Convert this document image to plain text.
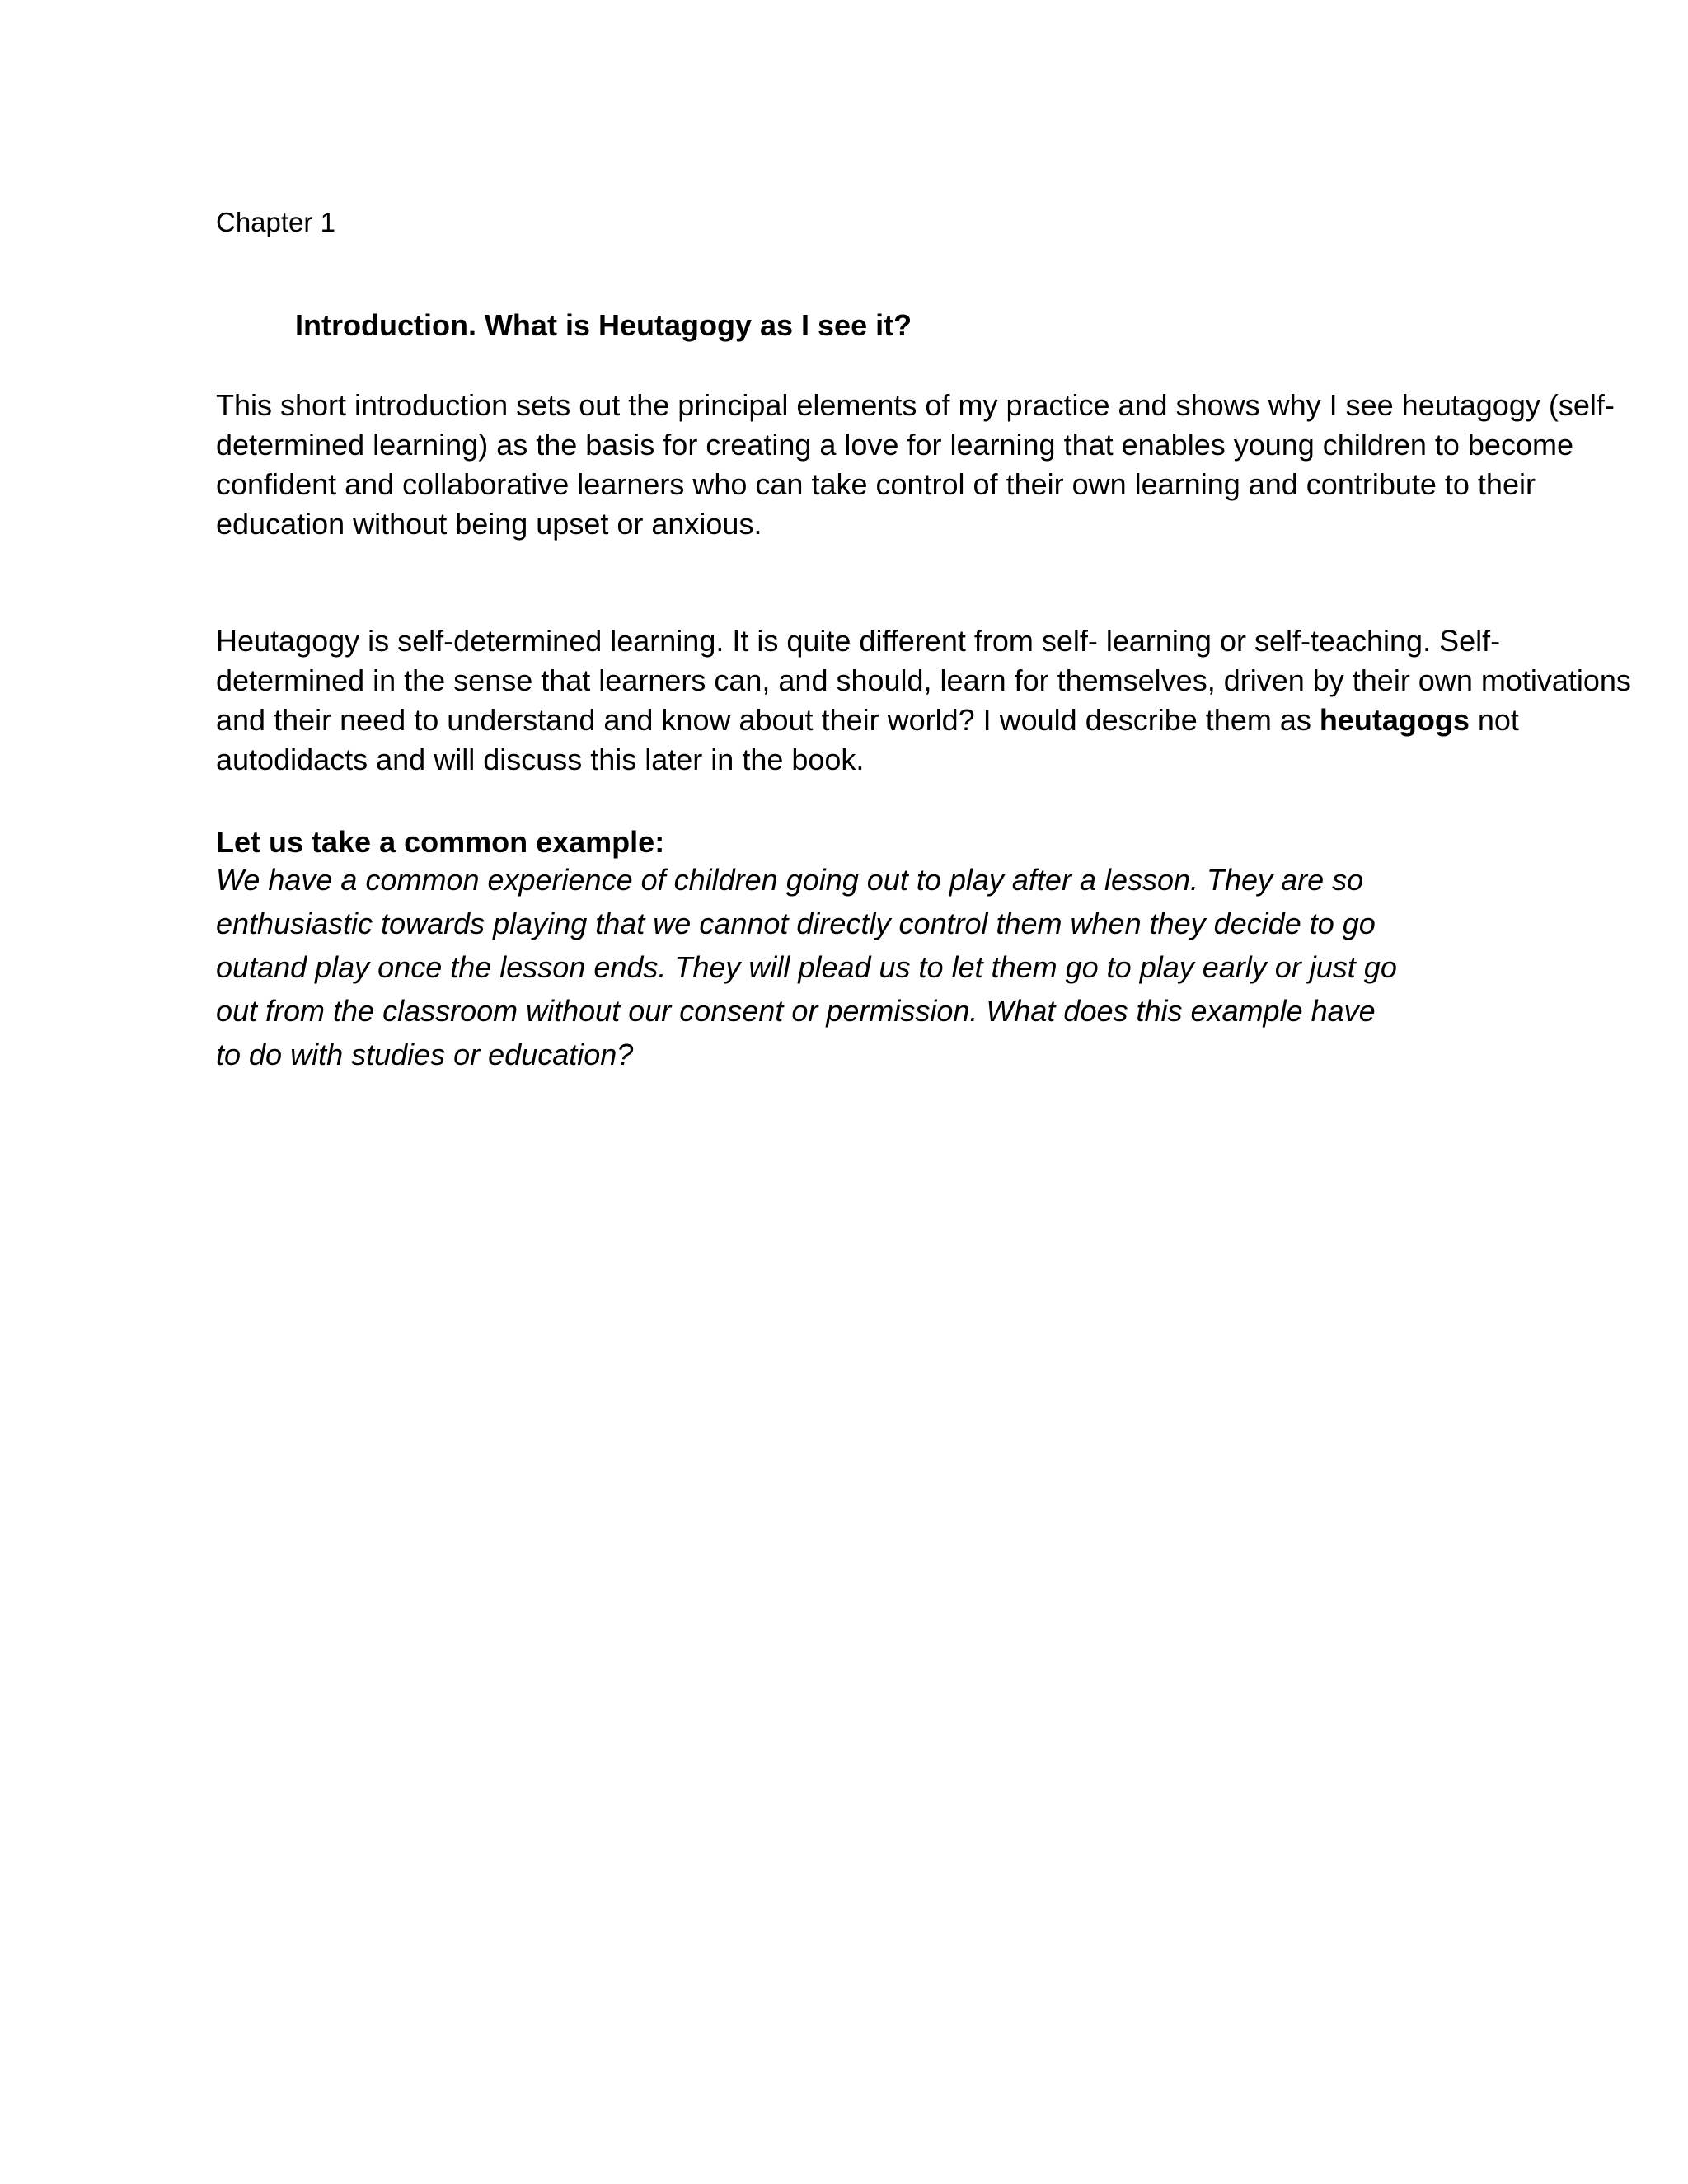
Chapter 1
Introduction. What is Heutagogy as I see it?
This short introduction sets out the principal elements of my practice and shows why I see heutagogy (self-
determined learning) as the basis for creating a love for learning that enables young children to become
confident and collaborative learners who can take control of their own learning and contribute to their
education without being upset or anxious.
Heutagogy is self-determined learning. It is quite different from self- learning or self-teaching. Self-
determined in the sense that learners can, and should, learn for themselves, driven by their own motivations
and their need to understand and know about their world? I would describe them as heutagogs not
autodidacts and will discuss this later in the book.
Let us take a common example:
We have a common experience of children going out to play after a lesson. They are so
enthusiastic towards playing that we cannot directly control them when they decide to go
outand play once the lesson ends. They will plead us to let them go to play early or just go
out from the classroom without our consent or permission. What does this example have
to do with studies or education?
